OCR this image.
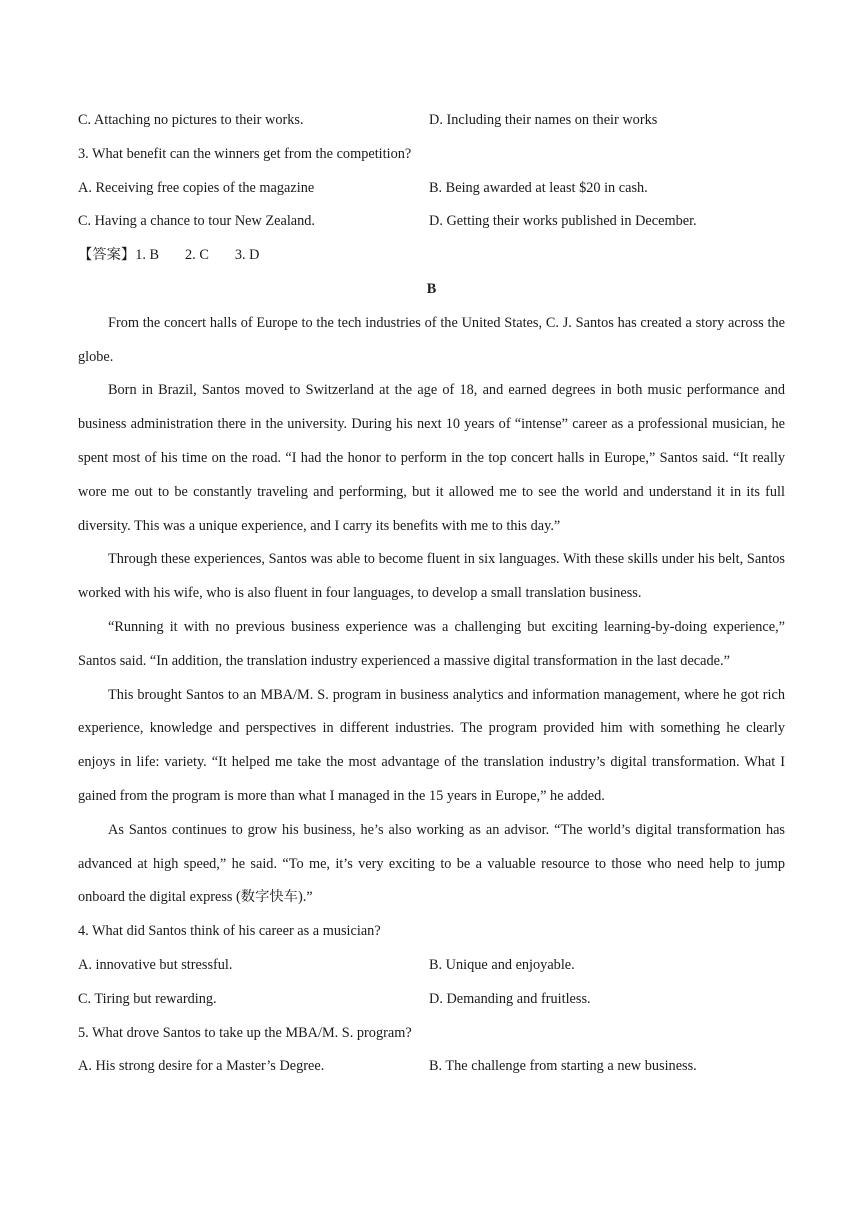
C. Attaching no pictures to their works.	D. Including their names on their works
3. What benefit can the winners get from the competition?
A. Receiving free copies of the magazine	B. Being awarded at least $20 in cash.
C. Having a chance to tour New Zealand.	D. Getting their works published in December.
【答案】1. B 2. C 3. D
B

From the concert halls of Europe to the tech industries of the United States, C. J. Santos has created a story across the globe.

Born in Brazil, Santos moved to Switzerland at the age of 18, and earned degrees in both music performance and business administration there in the university. During his next 10 years of “intense” career as a professional musician, he spent most of his time on the road. “I had the honor to perform in the top concert halls in Europe,” Santos said. “It really wore me out to be constantly traveling and performing, but it allowed me to see the world and understand it in its full diversity. This was a unique experience, and I carry its benefits with me to this day.”

Through these experiences, Santos was able to become fluent in six languages. With these skills under his belt, Santos worked with his wife, who is also fluent in four languages, to develop a small translation business.

“Running it with no previous business experience was a challenging but exciting learning-by-doing experience,” Santos said. “In addition, the translation industry experienced a massive digital transformation in the last decade.”

This brought Santos to an MBA/M. S. program in business analytics and information management, where he got rich experience, knowledge and perspectives in different industries. The program provided him with something he clearly enjoys in life: variety. “It helped me take the most advantage of the translation industry’s digital transformation. What I gained from the program is more than what I managed in the 15 years in Europe,” he added.

As Santos continues to grow his business, he’s also working as an advisor. “The world’s digital transformation has advanced at high speed,” he said. “To me, it’s very exciting to be a valuable resource to those who need help to jump onboard the digital express (数字快车).”

4. What did Santos think of his career as a musician?
A. innovative but stressful.	B. Unique and enjoyable.
C. Tiring but rewarding.	D. Demanding and fruitless.
5. What drove Santos to take up the MBA/M. S. program?
A. His strong desire for a Master’s Degree.	B. The challenge from starting a new business.
